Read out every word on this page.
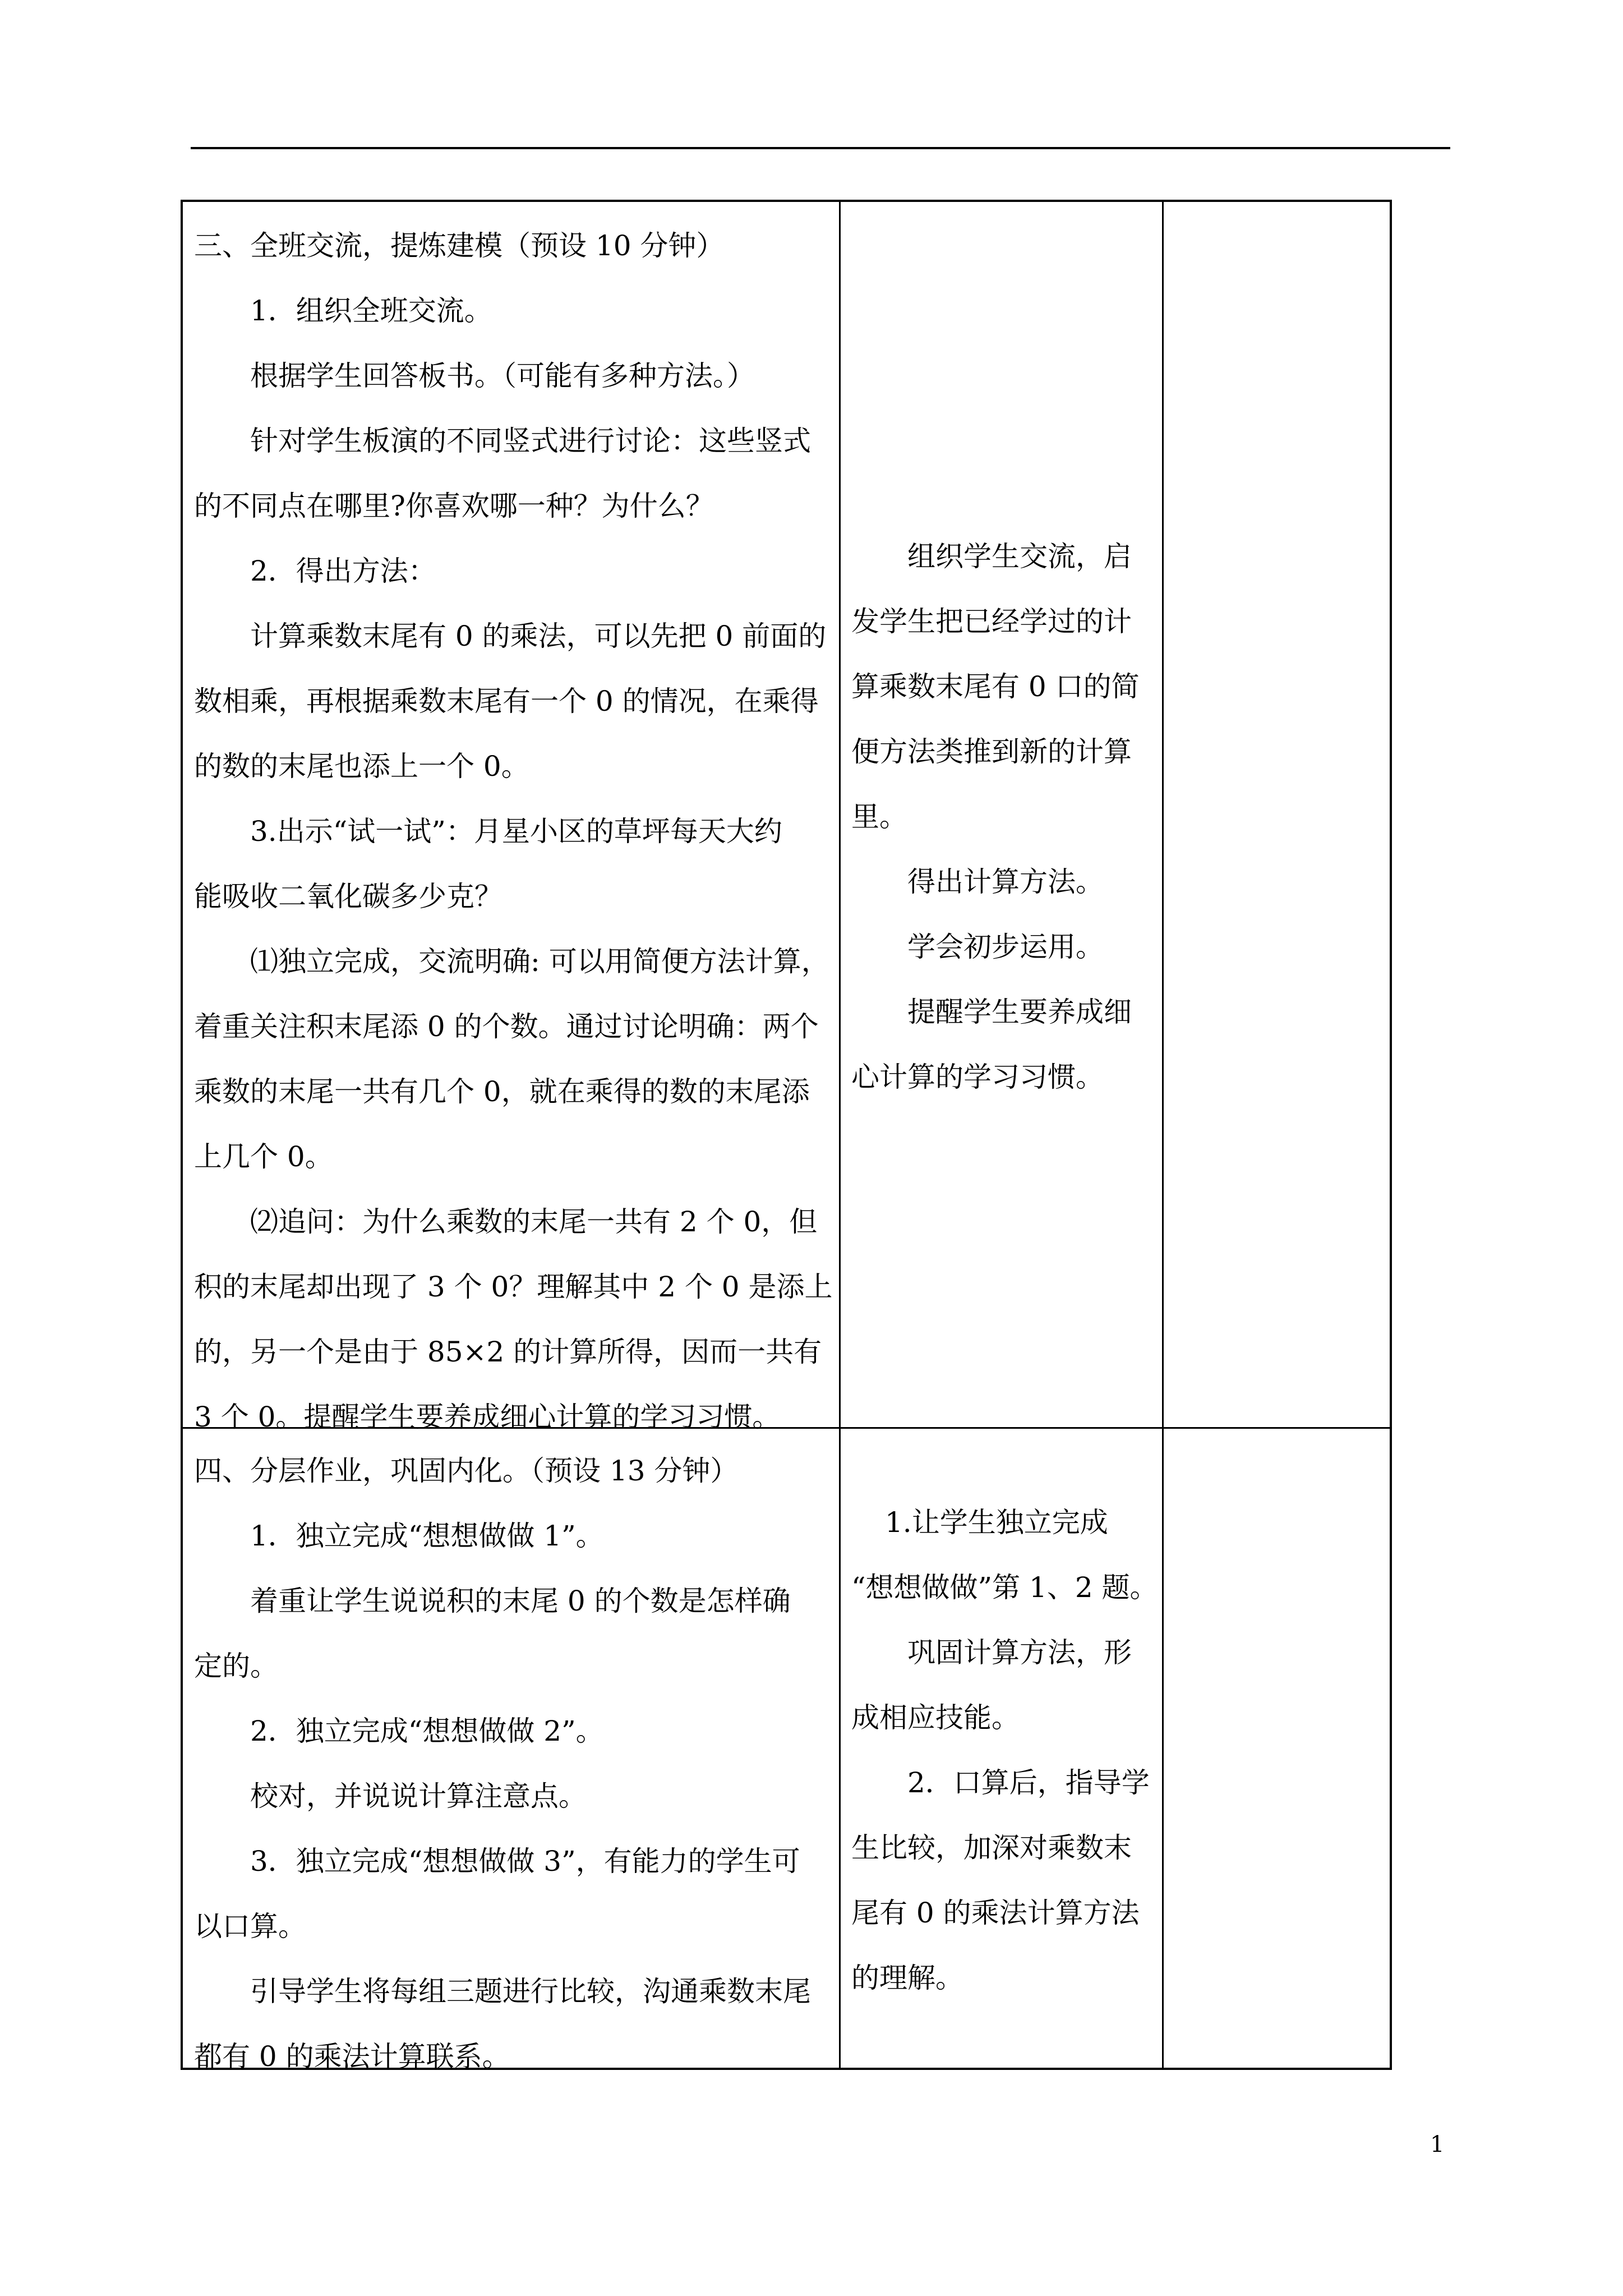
三、全班交流，提炼建模（预设 10 分钟）

1．组织全班交流。

根据学生回答板书。（可能有多种方法。）

针对学生板演的不同竖式进行讨论：这些竖式

的不同点在哪里?你喜欢哪一种？为什么？

2．得出方法：

计算乘数末尾有 0 的乘法，可以先把 0 前面的

数相乘，再根据乘数末尾有一个 0 的情况，在乘得

的数的末尾也添上一个 0。

3.出示“试一试”：月星小区的草坪每天大约

能吸收二氧化碳多少克？

⑴独立完成，交流明确: 可以用简便方法计算，

着重关注积末尾添 0 的个数。通过讨论明确：两个

乘数的末尾一共有几个 0，就在乘得的数的末尾添

上几个 0。

⑵追问：为什么乘数的末尾一共有 2 个 0，但

积的末尾却出现了 3 个 0？理解其中 2 个 0 是添上

的，另一个是由于 85×2 的计算所得，因而一共有

3 个 0。提醒学生要养成细心计算的学习习惯。

组织学生交流，启

发学生把已经学过的计

算乘数末尾有 0 口的简

便方法类推到新的计算

里。

得出计算方法。

学会初步运用。

提醒学生要养成细

心计算的学习习惯。

四、分层作业，巩固内化。（预设 13 分钟）

1．独立完成“想想做做 1”。

着重让学生说说积的末尾 0 的个数是怎样确

定的。

2．独立完成“想想做做 2”。

校对，并说说计算注意点。

3．独立完成“想想做做 3”，有能力的学生可

以口算。

引导学生将每组三题进行比较，沟通乘数末尾

都有 0 的乘法计算联系。

1.让学生独立完成

“想想做做”第 1、2 题。

巩固计算方法，形

成相应技能。

2．口算后，指导学

生比较，加深对乘数末

尾有 0 的乘法计算方法

的理解。

1
